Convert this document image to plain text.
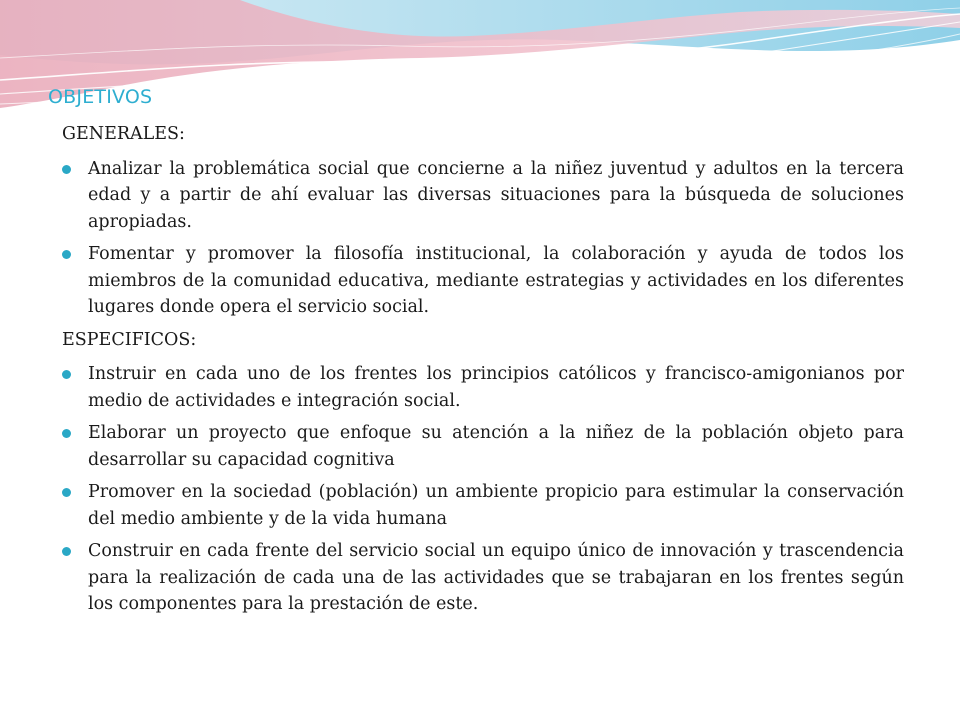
OBJETIVOS

GENERALES:

Analizar la problemática social que concierne a la niñez juventud y adultos en la tercera edad y a partir de ahí evaluar las diversas situaciones para la búsqueda de soluciones apropiadas.
Fomentar y promover la filosofía institucional, la colaboración y ayuda de todos los miembros de la comunidad educativa, mediante estrategias y actividades en los diferentes lugares donde opera el servicio social.

ESPECIFICOS:

Instruir en cada uno de los frentes los principios católicos y francisco-amigonianos por medio de actividades e integración social.
Elaborar un proyecto que enfoque su atención a la niñez de la población objeto para desarrollar su capacidad cognitiva
Promover en la sociedad (población) un ambiente propicio para estimular la conservación del medio ambiente y de la vida humana
Construir en cada frente del servicio social un equipo único de innovación y trascendencia para la realización de cada una de las actividades que se trabajaran en los frentes según los componentes para la prestación de este.
